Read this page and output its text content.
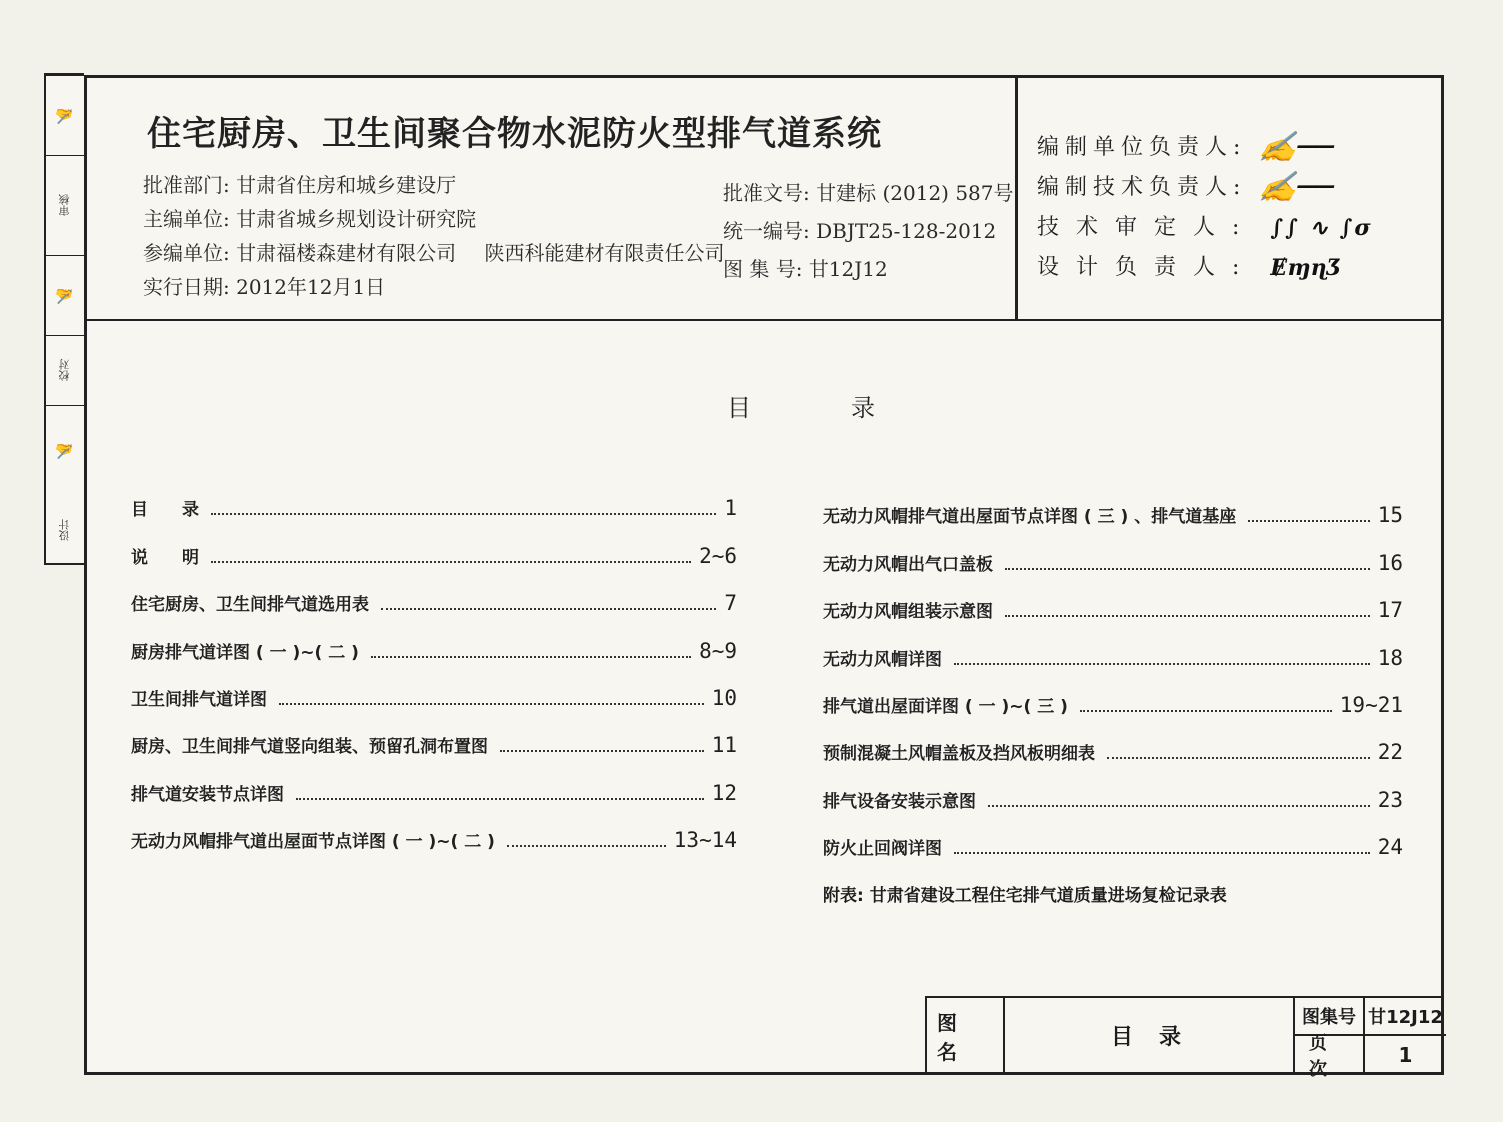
✍
审核
✍
校对
✍
设计
住宅厨房、卫生间聚合物水泥防火型排气道系统
批准部门: 甘肃省住房和城乡建设厅
主编单位: 甘肃省城乡规划设计研究院
参编单位: 甘肃福楼森建材有限公司 陕西科能建材有限责任公司
实行日期: 2012年12月1日
批准文号: 甘建标 (2012) 587号
统一编号: DBJT25-128-2012
图 集 号: 甘12J12
编制单位负责人: ✍──
编制技术负责人: ✍──
技术审定人: ∫∫ ∿ ∫σ
设计负责人: ɆɱɳƷ
目录
目　　录	1
说　　明	2~6
住宅厨房、卫生间排气道选用表	7
厨房排气道详图 ( 一 )~( 二 )	8~9
卫生间排气道详图	10
厨房、卫生间排气道竖向组装、预留孔洞布置图	11
排气道安装节点详图	12
无动力风帽排气道出屋面节点详图 ( 一 )~( 二 )	13~14
无动力风帽排气道出屋面节点详图 ( 三 ) 、排气道基座	15
无动力风帽出气口盖板	16
无动力风帽组装示意图	17
无动力风帽详图	18
排气道出屋面详图 ( 一 )~( 三 )	19~21
预制混凝土风帽盖板及挡风板明细表	22
排气设备安装示意图	23
防火止回阀详图	24
附表: 甘肃省建设工程住宅排气道质量进场复检记录表
图名
目录
图集号 甘12J12
页次
1
